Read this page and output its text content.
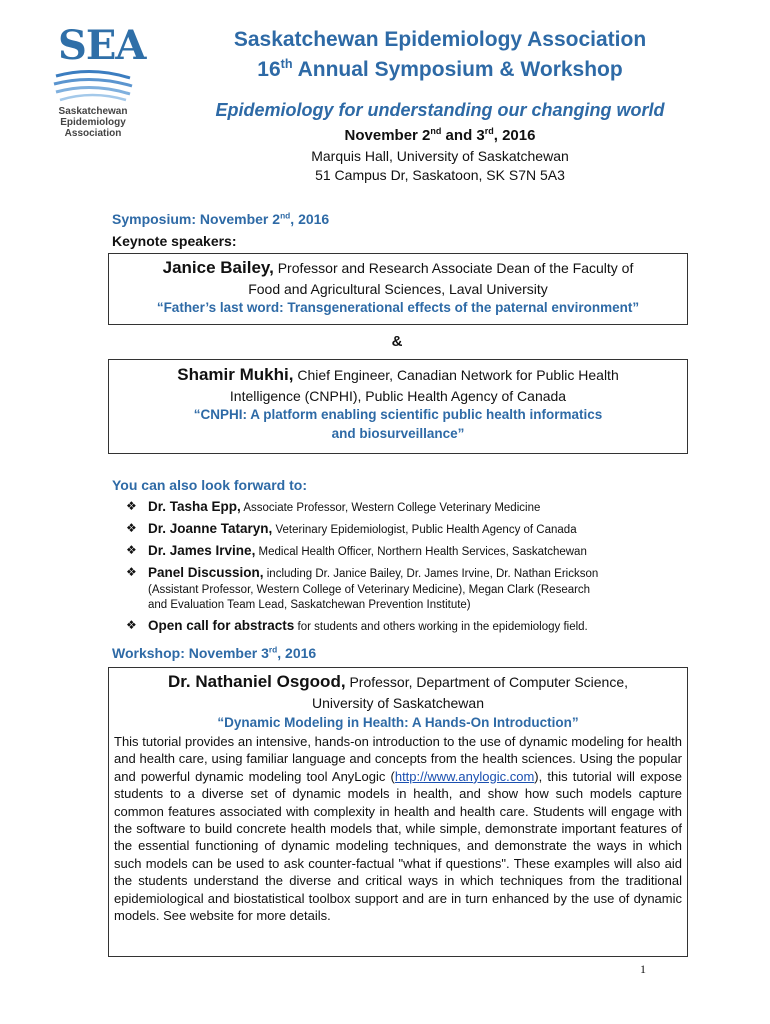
SEA
Saskatchewan
Epidemiology
Association
Saskatchewan Epidemiology Association
16th Annual Symposium & Workshop
Epidemiology for understanding our changing world
November 2nd and 3rd, 2016
Marquis Hall, University of Saskatchewan
51 Campus Dr, Saskatoon, SK S7N 5A3
Symposium: November 2nd, 2016
Keynote speakers:
Janice Bailey, Professor and Research Associate Dean of the Faculty of
Food and Agricultural Sciences, Laval University
“Father’s last word: Transgenerational effects of the paternal environment”
&
Shamir Mukhi, Chief Engineer, Canadian Network for Public Health
Intelligence (CNPHI), Public Health Agency of Canada
“CNPHI: A platform enabling scientific public health informatics
and biosurveillance”
You can also look forward to:
❖ Dr. Tasha Epp, Associate Professor, Western College Veterinary Medicine
❖ Dr. Joanne Tataryn, Veterinary Epidemiologist, Public Health Agency of Canada
❖ Dr. James Irvine, Medical Health Officer, Northern Health Services, Saskatchewan
❖ Panel Discussion, including Dr. Janice Bailey, Dr. James Irvine, Dr. Nathan Erickson
(Assistant Professor, Western College of Veterinary Medicine), Megan Clark (Research
and Evaluation Team Lead, Saskatchewan Prevention Institute)
❖ Open call for abstracts for students and others working in the epidemiology field.
Workshop: November 3rd, 2016
Dr. Nathaniel Osgood, Professor, Department of Computer Science,
University of Saskatchewan
“Dynamic Modeling in Health: A Hands-On Introduction”
This tutorial provides an intensive, hands-on introduction to the use of dynamic modeling for health and health care, using familiar language and concepts from the health sciences. Using the popular and powerful dynamic modeling tool AnyLogic (http://www.anylogic.com), this tutorial will expose students to a diverse set of dynamic models in health, and show how such models capture common features associated with complexity in health and health care. Students will engage with the software to build concrete health models that, while simple, demonstrate important features of the essential functioning of dynamic modeling techniques, and demonstrate the ways in which such models can be used to ask counter-factual "what if questions". These examples will also aid the students understand the diverse and critical ways in which techniques from the traditional epidemiological and biostatistical toolbox support and are in turn enhanced by the use of dynamic models. See website for more details.
1
